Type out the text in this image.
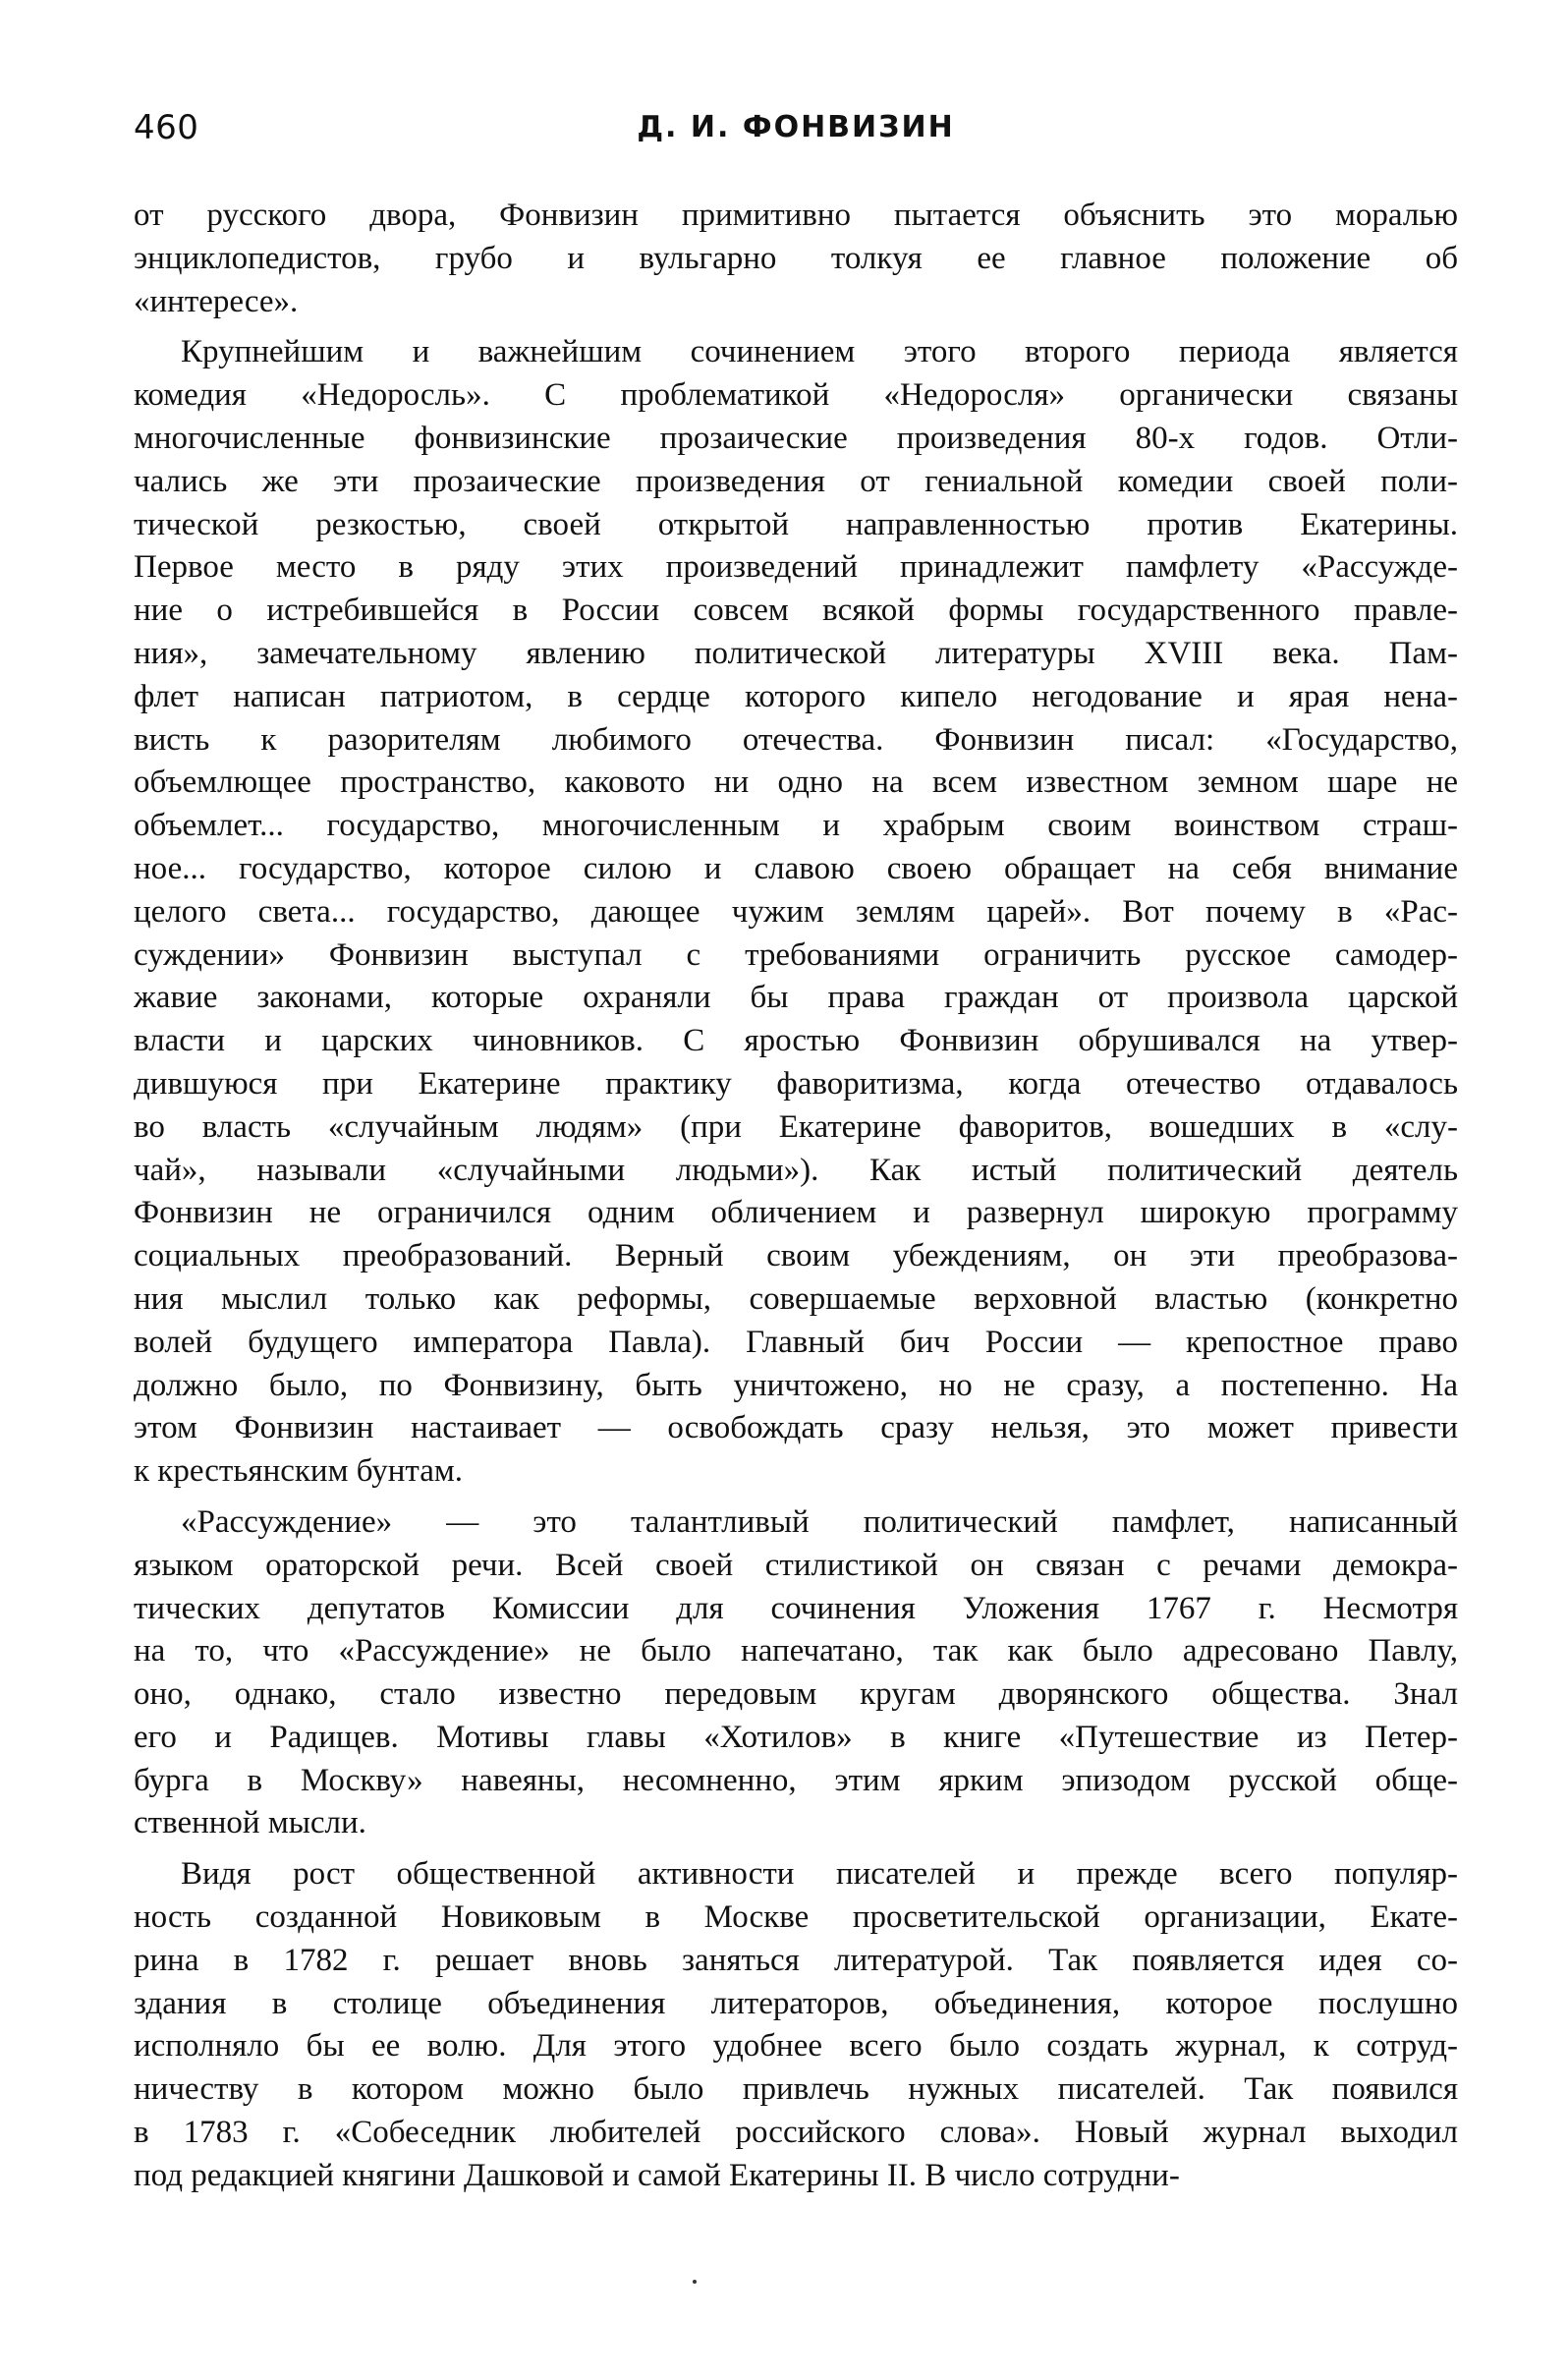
460	Д. И. ФОНВИЗИН
от русского двора, Фонвизин примитивно пытается объяснить это моралью
энциклопедистов, грубо и вульгарно толкуя ее главное положение об
«интересе».
Крупнейшим и важнейшим сочинением этого второго периода является
комедия «Недоросль». С проблематикой «Недоросля» органически связаны
многочисленные фонвизинские прозаические произведения 80-х годов. Отли-
чались же эти прозаические произведения от гениальной комедии своей поли-
тической резкостью, своей открытой направленностью против Екатерины.
Первое место в ряду этих произведений принадлежит памфлету «Рассужде-
ние о истребившейся в России совсем всякой формы государственного правле-
ния», замечательному явлению политической литературы XVIII века. Пам-
флет написан патриотом, в сердце которого кипело негодование и ярая нена-
висть к разорителям любимого отечества. Фонвизин писал: «Государство,
объемлющее пространство, каковото ни одно на всем известном земном шаре не
объемлет... государство, многочисленным и храбрым своим воинством страш-
ное... государство, которое силою и славою своею обращает на себя внимание
целого света... государство, дающее чужим землям царей». Вот почему в «Рас-
суждении» Фонвизин выступал с требованиями ограничить русское самодер-
жавие законами, которые охраняли бы права граждан от произвола царской
власти и царских чиновников. С яростью Фонвизин обрушивался на утвер-
дившуюся при Екатерине практику фаворитизма, когда отечество отдавалось
во власть «случайным людям» (при Екатерине фаворитов, вошедших в «слу-
чай», называли «случайными людьми»). Как истый политический деятель
Фонвизин не ограничился одним обличением и развернул широкую программу
социальных преобразований. Верный своим убеждениям, он эти преобразова-
ния мыслил только как реформы, совершаемые верховной властью (конкретно
волей будущего императора Павла). Главный бич России — крепостное право
должно было, по Фонвизину, быть уничтожено, но не сразу, а постепенно. На
этом Фонвизин настаивает — освобождать сразу нельзя, это может привести
к крестьянским бунтам.
«Рассуждение» — это талантливый политический памфлет, написанный
языком ораторской речи. Всей своей стилистикой он связан с речами демокра-
тических депутатов Комиссии для сочинения Уложения 1767 г. Несмотря
на то, что «Рассуждение» не было напечатано, так как было адресовано Павлу,
оно, однако, стало известно передовым кругам дворянского общества. Знал
его и Радищев. Мотивы главы «Хотилов» в книге «Путешествие из Петер-
бурга в Москву» навеяны, несомненно, этим ярким эпизодом русской обще-
ственной мысли.
Видя рост общественной активности писателей и прежде всего популяр-
ность созданной Новиковым в Москве просветительской организации, Екате-
рина в 1782 г. решает вновь заняться литературой. Так появляется идея со-
здания в столице объединения литераторов, объединения, которое послушно
исполняло бы ее волю. Для этого удобнее всего было создать журнал, к сотруд-
ничеству в котором можно было привлечь нужных писателей. Так появился
в 1783 г. «Собеседник любителей российского слова». Новый журнал выходил
под редакцией княгини Дашковой и самой Екатерины II. В число сотрудни-
